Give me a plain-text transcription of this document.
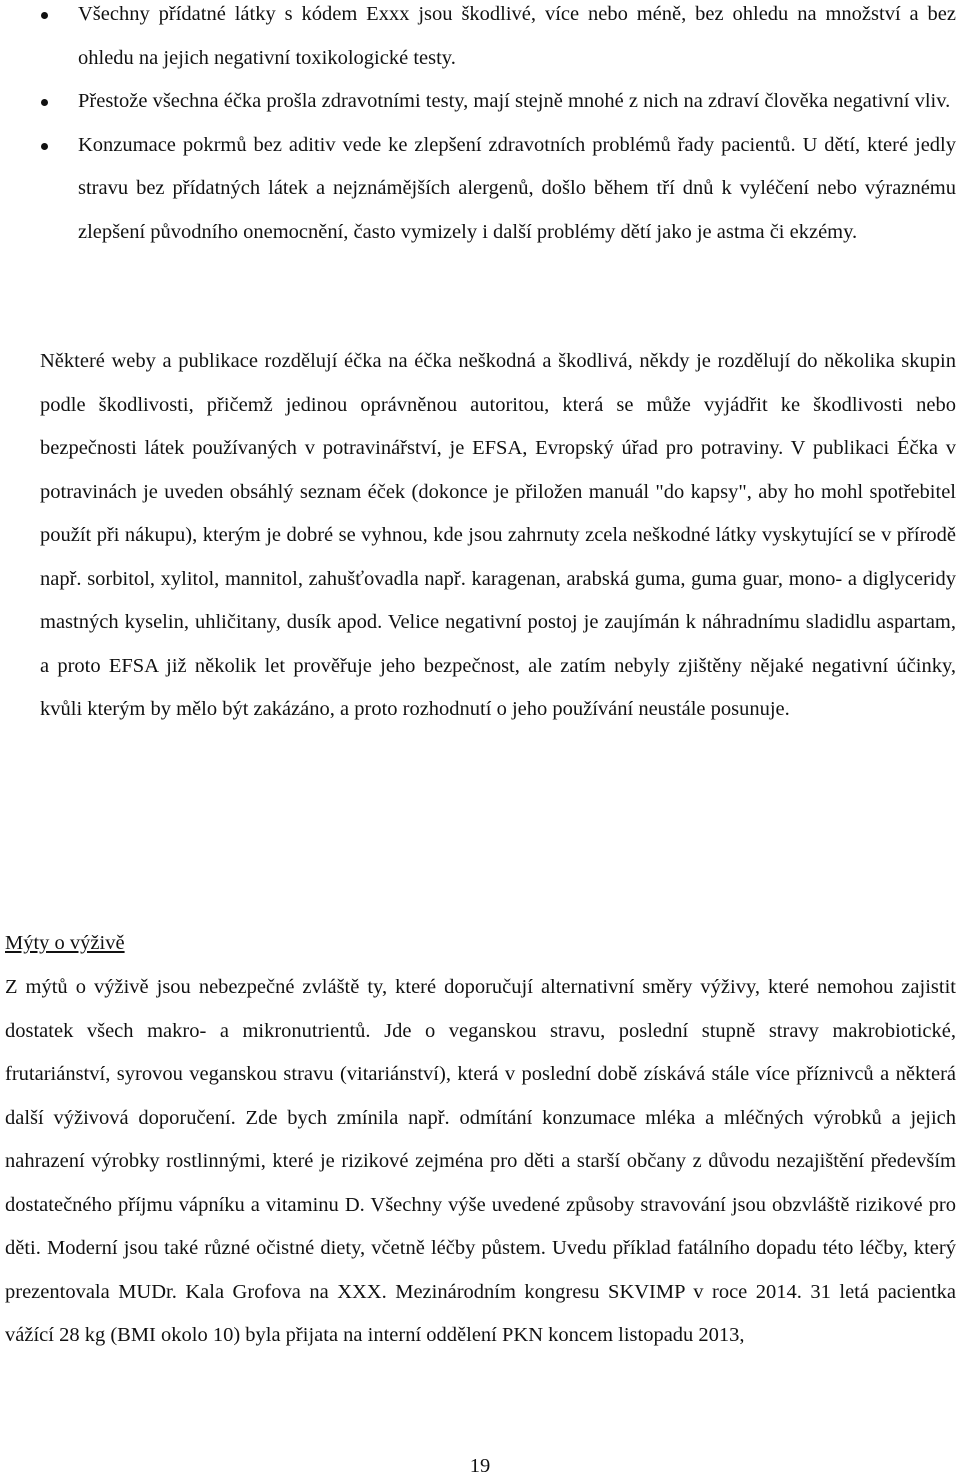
Všechny přídatné látky s kódem Exxx jsou škodlivé, více nebo méně, bez ohledu na množství a bez ohledu na jejich negativní toxikologické testy.
Přestože všechna éčka prošla zdravotními testy, mají stejně mnohé z nich na zdraví člověka negativní vliv.
Konzumace pokrmů bez aditiv vede ke zlepšení zdravotních problémů řady pacientů. U dětí, které jedly stravu bez přídatných látek a nejznámějších alergenů, došlo během tří dnů k vyléčení nebo výraznému zlepšení původního onemocnění, často vymizely i další problémy dětí jako je astma či ekzémy.

Některé weby a publikace rozdělují éčka na éčka neškodná a škodlivá, někdy je rozdělují do několika skupin podle škodlivosti, přičemž jedinou oprávněnou autoritou, která se může vyjádřit ke škodlivosti nebo bezpečnosti látek používaných v potravinářství, je EFSA, Evropský úřad pro potraviny. V publikaci Éčka v potravinách je uveden obsáhlý seznam éček (dokonce je přiložen manuál "do kapsy", aby ho mohl spotřebitel použít při nákupu), kterým je dobré se vyhnou, kde jsou zahrnuty zcela neškodné látky vyskytující se v přírodě např. sorbitol, xylitol, mannitol, zahušťovadla např. karagenan, arabská guma, guma guar, mono- a diglyceridy mastných kyselin, uhličitany, dusík apod. Velice negativní postoj je zaujímán k náhradnímu sladidlu aspartam, a proto EFSA již několik let prověřuje jeho bezpečnost, ale zatím nebyly zjištěny nějaké negativní účinky, kvůli kterým by mělo být zakázáno, a proto rozhodnutí o jeho používání neustále posunuje.

Mýty o výživě

Z mýtů o výživě jsou nebezpečné zvláště ty, které doporučují alternativní směry výživy, které nemohou zajistit dostatek všech makro- a mikronutrientů. Jde o veganskou stravu, poslední stupně stravy makrobiotické, frutariánství, syrovou veganskou stravu (vitariánství), která v poslední době získává stále více příznivců a některá další výživová doporučení. Zde bych zmínila např. odmítání konzumace mléka a mléčných výrobků a jejich nahrazení výrobky rostlinnými, které je rizikové zejména pro děti a starší občany z důvodu nezajištění především dostatečného příjmu vápníku a vitaminu D. Všechny výše uvedené způsoby stravování jsou obzvláště rizikové pro děti. Moderní jsou také různé očistné diety, včetně léčby půstem. Uvedu příklad fatálního dopadu této léčby, který prezentovala MUDr. Kala Grofova na XXX. Mezinárodním kongresu SKVIMP v roce 2014. 31 letá pacientka vážící 28 kg (BMI okolo 10) byla přijata na interní oddělení PKN koncem listopadu 2013,

19
